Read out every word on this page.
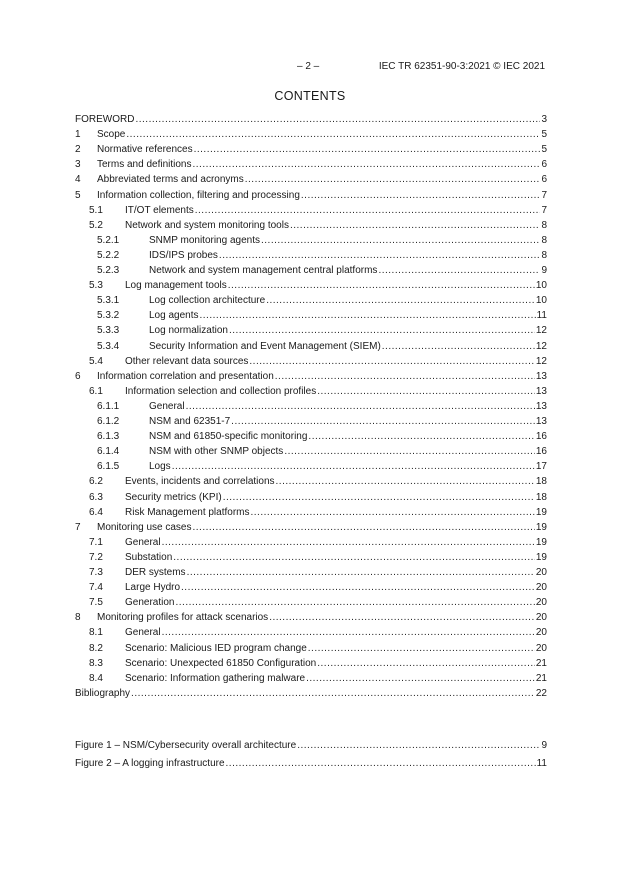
– 2 –	IEC TR 62351-90-3:2021 © IEC 2021
CONTENTS
FOREWORD .....	3
1	Scope .....	5
2	Normative references .....	5
3	Terms and definitions .....	6
4	Abbreviated terms and acronyms .....	6
5	Information collection, filtering and processing .....	7
5.1	IT/OT elements .....	7
5.2	Network and system monitoring tools .....	8
5.2.1	SNMP monitoring agents .....	8
5.2.2	IDS/IPS probes .....	8
5.2.3	Network and system management central platforms .....	9
5.3	Log management tools .....	10
5.3.1	Log collection architecture .....	10
5.3.2	Log agents .....	11
5.3.3	Log normalization .....	12
5.3.4	Security Information and Event Management (SIEM) .....	12
5.4	Other relevant data sources .....	12
6	Information correlation and presentation .....	13
6.1	Information selection and collection profiles .....	13
6.1.1	General .....	13
6.1.2	NSM and 62351-7 .....	13
6.1.3	NSM and 61850-specific monitoring .....	16
6.1.4	NSM with other SNMP objects .....	16
6.1.5	Logs .....	17
6.2	Events, incidents and correlations .....	18
6.3	Security metrics (KPI) .....	18
6.4	Risk Management platforms .....	19
7	Monitoring use cases .....	19
7.1	General .....	19
7.2	Substation .....	19
7.3	DER systems .....	20
7.4	Large Hydro .....	20
7.5	Generation .....	20
8	Monitoring profiles for attack scenarios .....	20
8.1	General .....	20
8.2	Scenario: Malicious IED program change .....	20
8.3	Scenario: Unexpected 61850 Configuration .....	21
8.4	Scenario: Information gathering malware .....	21
Bibliography .....	22
Figure 1 – NSM/Cybersecurity overall architecture .....	9
Figure 2 – A logging infrastructure .....	11
